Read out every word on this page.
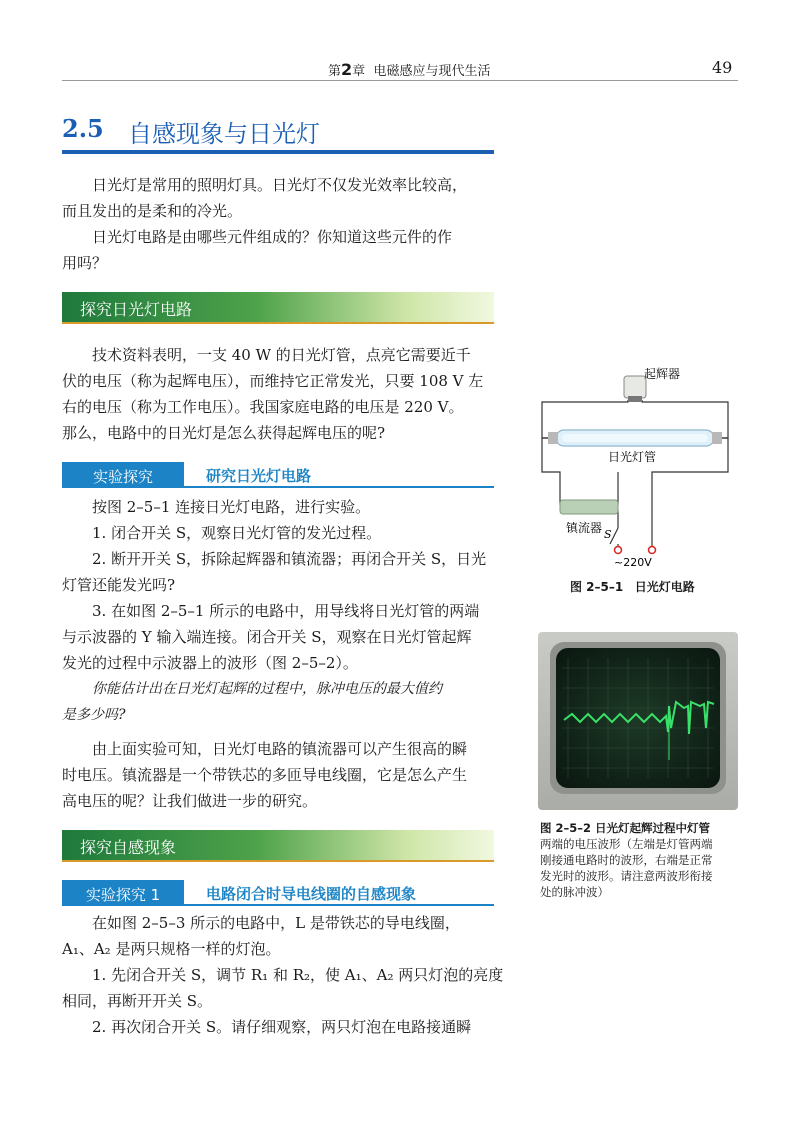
第2章 电磁感应与现代生活	49
2.5 自感现象与日光灯
日光灯是常用的照明灯具。日光灯不仅发光效率比较高，
而且发出的是柔和的冷光。
日光灯电路是由哪些元件组成的？你知道这些元件的作
用吗？
探究日光灯电路
技术资料表明，一支 40 W 的日光灯管，点亮它需要近千
伏的电压（称为起辉电压），而维持它正常发光，只要 108 V 左
右的电压（称为工作电压）。我国家庭电路的电压是 220 V。
那么，电路中的日光灯是怎么获得起辉电压的呢?
实验探究	研究日光灯电路
按图 2–5–1 连接日光灯电路，进行实验。
1. 闭合开关 S，观察日光灯管的发光过程。
2. 断开开关 S，拆除起辉器和镇流器；再闭合开关 S，日光
灯管还能发光吗?
3. 在如图 2–5–1 所示的电路中，用导线将日光灯管的两端
与示波器的 Y 输入端连接。闭合开关 S，观察在日光灯管起辉
发光的过程中示波器上的波形（图 2–5–2）。
你能估计出在日光灯起辉的过程中，脉冲电压的最大值约
是多少吗?
由上面实验可知，日光灯电路的镇流器可以产生很高的瞬
时电压。镇流器是一个带铁芯的多匝导电线圈，它是怎么产生
高电压的呢？让我们做进一步的研究。
探究自感现象
实验探究 1	电路闭合时导电线圈的自感现象
在如图 2–5–3 所示的电路中，L 是带铁芯的导电线圈，
A₁、A₂ 是两只规格一样的灯泡。
1. 先闭合开关 S，调节 R₁ 和 R₂，使 A₁、A₂ 两只灯泡的亮度
相同，再断开开关 S。
2. 再次闭合开关 S。请仔细观察，两只灯泡在电路接通瞬
起辉器
日光灯管
镇流器 S
~220V
图 2–5–1 日光灯电路
图 2–5–2 日光灯起辉过程中灯管
两端的电压波形（左端是灯管两端
刚接通电路时的波形，右端是正常
发光时的波形。请注意两波形衔接
处的脉冲波）
